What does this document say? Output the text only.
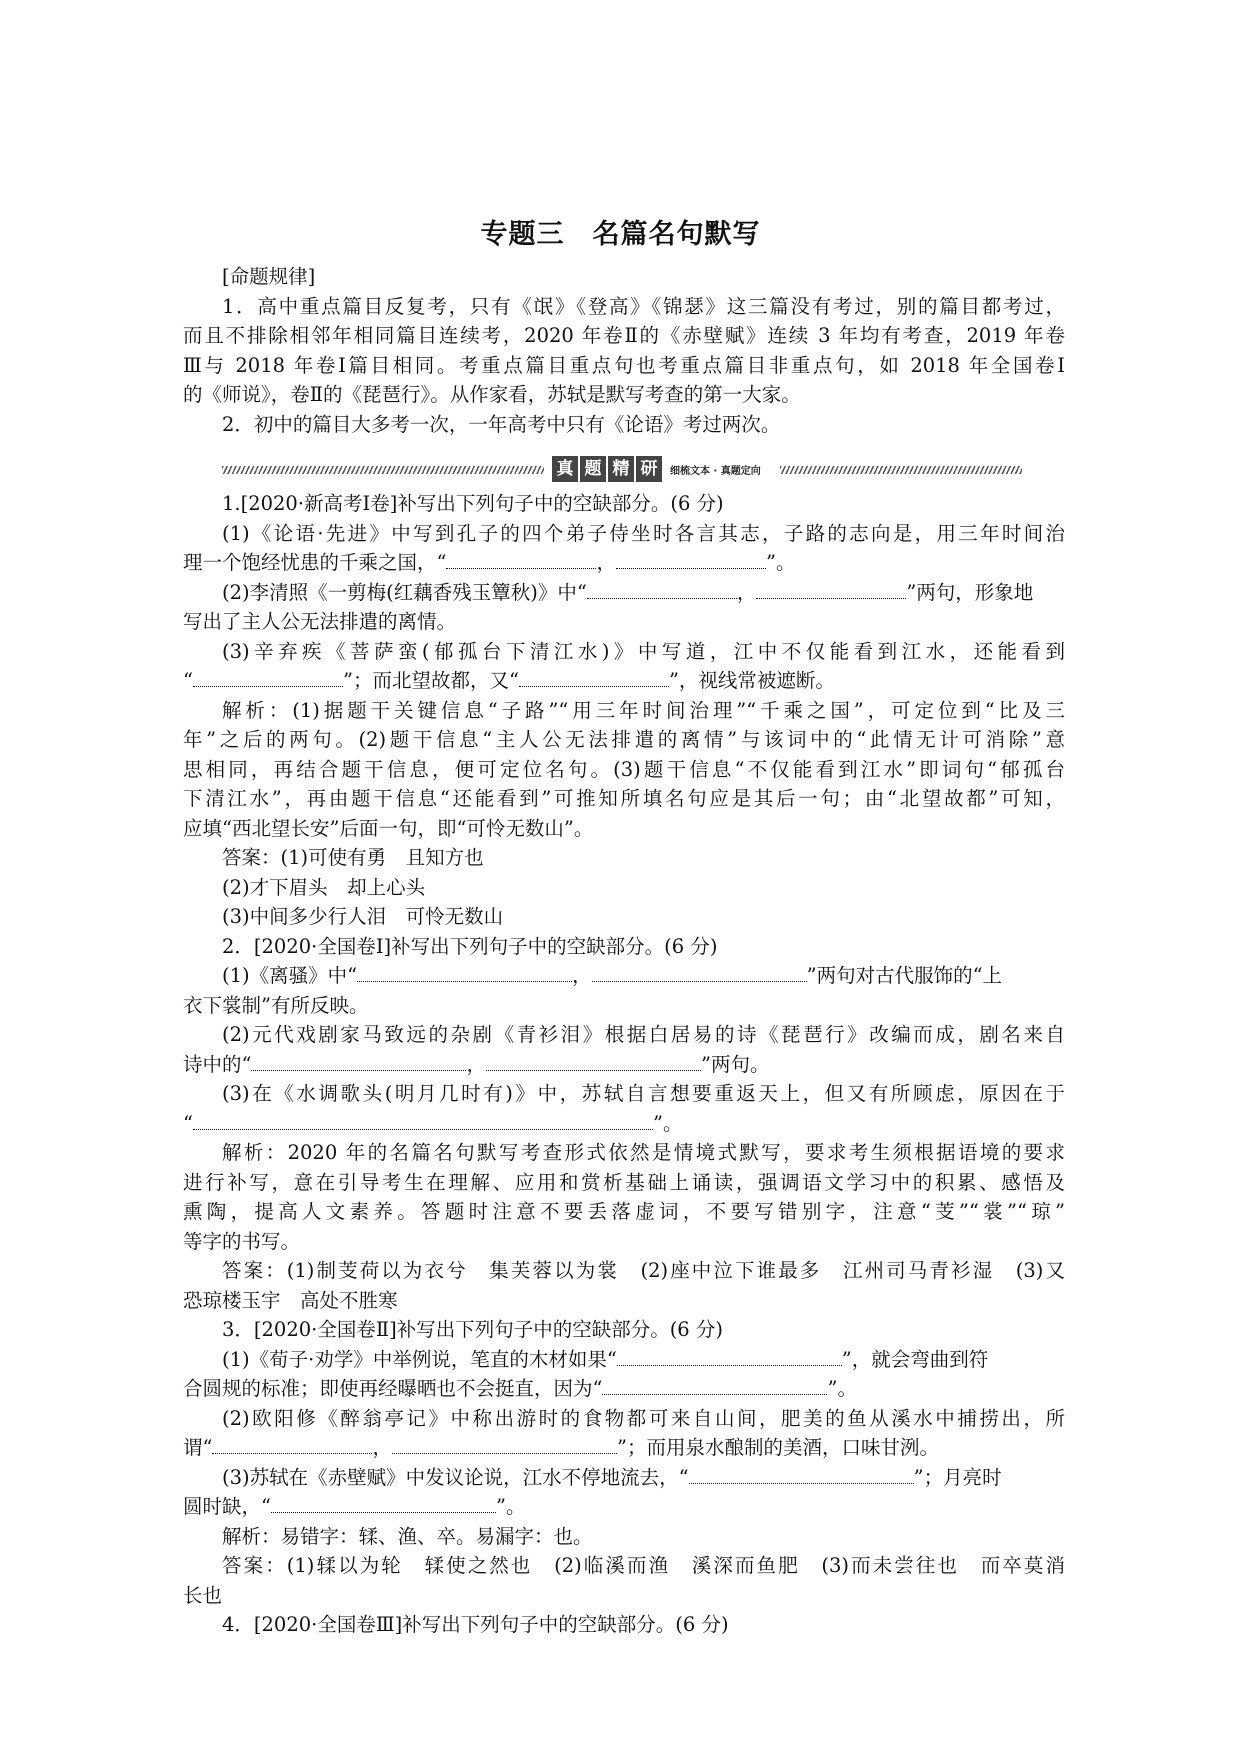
专题三　名篇名句默写
真 题 精 研	细梳文本 · 真题定向
[命题规律]
1．高中重点篇目反复考，只有《氓》《登高》《锦瑟》这三篇没有考过，别的篇目都考过，
而且不排除相邻年相同篇目连续考，2020 年卷Ⅱ的《赤壁赋》连续 3 年均有考查，2019 年卷
Ⅲ与 2018 年卷Ⅰ篇目相同。考重点篇目重点句也考重点篇目非重点句，如 2018 年全国卷Ⅰ
的《师说》，卷Ⅱ的《琵琶行》。从作家看，苏轼是默写考查的第一大家。
2．初中的篇目大多考一次，一年高考中只有《论语》考过两次。
1.[2020·新高考Ⅰ卷]补写出下列句子中的空缺部分。(6 分)
(1)《论语·先进》中写到孔子的四个弟子侍坐时各言其志，子路的志向是，用三年时间治
理一个饱经忧患的千乘之国，“	，	”。
(2)李清照《一剪梅(红藕香残玉簟秋)》中“	，	”两句，形象地
写出了主人公无法排遣的离情。
(3)辛弃疾《菩萨蛮(郁孤台下清江水)》中写道，江中不仅能看到江水，还能看到
“	”；而北望故都，又“	”，视线常被遮断。
解析：(1)据题干关键信息“子路”“用三年时间治理”“千乘之国”，可定位到“比及三
年”之后的两句。(2)题干信息“主人公无法排遣的离情”与该词中的“此情无计可消除”意
思相同，再结合题干信息，便可定位名句。(3)题干信息“不仅能看到江水”即词句“郁孤台
下清江水”，再由题干信息“还能看到”可推知所填名句应是其后一句；由“北望故都”可知，
应填“西北望长安”后面一句，即“可怜无数山”。
答案：(1)可使有勇　且知方也
(2)才下眉头　却上心头
(3)中间多少行人泪　可怜无数山
2．[2020·全国卷Ⅰ]补写出下列句子中的空缺部分。(6 分)
(1)《离骚》中“	，	”两句对古代服饰的“上
衣下裳制”有所反映。
(2)元代戏剧家马致远的杂剧《青衫泪》根据白居易的诗《琵琶行》改编而成，剧名来自
诗中的“	，	”两句。
(3)在《水调歌头(明月几时有)》中，苏轼自言想要重返天上，但又有所顾虑，原因在于
“	”。
解析：2020 年的名篇名句默写考查形式依然是情境式默写，要求考生须根据语境的要求
进行补写，意在引导考生在理解、应用和赏析基础上诵读，强调语文学习中的积累、感悟及
熏陶，提高人文素养。答题时注意不要丢落虚词，不要写错别字，注意“芰”“裳”“琼”
等字的书写。
答案：(1)制芰荷以为衣兮　集芙蓉以为裳　(2)座中泣下谁最多　江州司马青衫湿　(3)又
恐琼楼玉宇　高处不胜寒
3．[2020·全国卷Ⅱ]补写出下列句子中的空缺部分。(6 分)
(1)《荀子·劝学》中举例说，笔直的木材如果“	”，就会弯曲到符
合圆规的标准；即使再经曝晒也不会挺直，因为“	”。
(2)欧阳修《醉翁亭记》中称出游时的食物都可来自山间，肥美的鱼从溪水中捕捞出，所
谓“	，	”；而用泉水酿制的美酒，口味甘洌。
(3)苏轼在《赤壁赋》中发议论说，江水不停地流去，“	”；月亮时
圆时缺，“	”。
解析：易错字：𫐓、渔、卒。易漏字：也。
答案：(1)𫐓以为轮　𫐓使之然也　(2)临溪而渔　溪深而鱼肥　(3)而未尝往也　而卒莫消
长也
4．[2020·全国卷Ⅲ]补写出下列句子中的空缺部分。(6 分)
